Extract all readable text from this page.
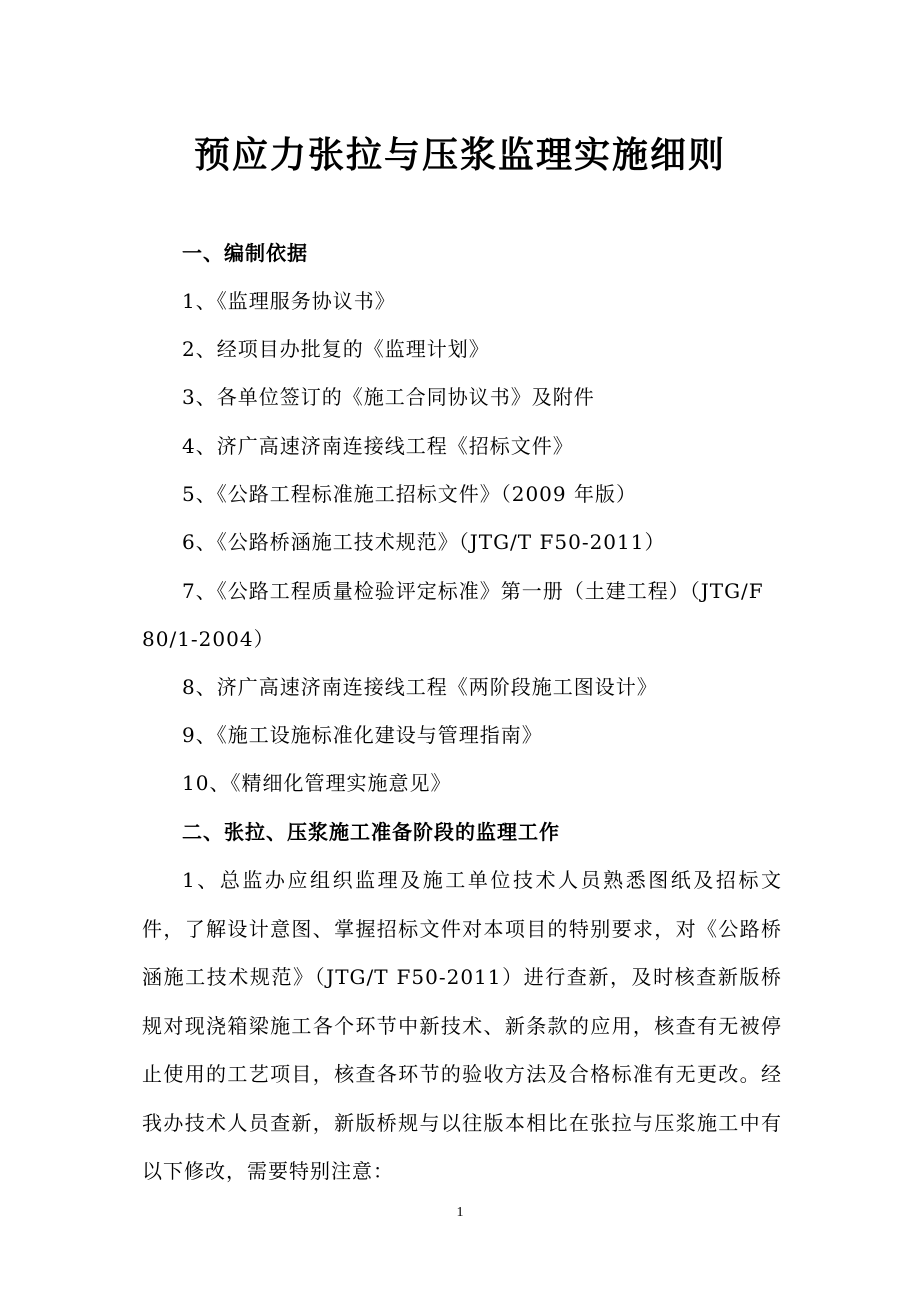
预应力张拉与压浆监理实施细则
一、编制依据
1、《监理服务协议书》
2、经项目办批复的《监理计划》
3、各单位签订的《施工合同协议书》及附件
4、济广高速济南连接线工程《招标文件》
5、《公路工程标准施工招标文件》（2009 年版）
6、《公路桥涵施工技术规范》（JTG/T F50-2011）
7、《公路工程质量检验评定标准》第一册（土建工程）（JTG/F
80/1-2004）
8、济广高速济南连接线工程《两阶段施工图设计》
9、《施工设施标准化建设与管理指南》
10、《精细化管理实施意见》
二、张拉、压浆施工准备阶段的监理工作
1、总监办应组织监理及施工单位技术人员熟悉图纸及招标文件，了解设计意图、掌握招标文件对本项目的特别要求，对《公路桥涵施工技术规范》（JTG/T F50-2011）进行查新，及时核查新版桥规对现浇箱梁施工各个环节中新技术、新条款的应用，核查有无被停止使用的工艺项目，核查各环节的验收方法及合格标准有无更改。经我办技术人员查新，新版桥规与以往版本相比在张拉与压浆施工中有以下修改，需要特别注意：
1
